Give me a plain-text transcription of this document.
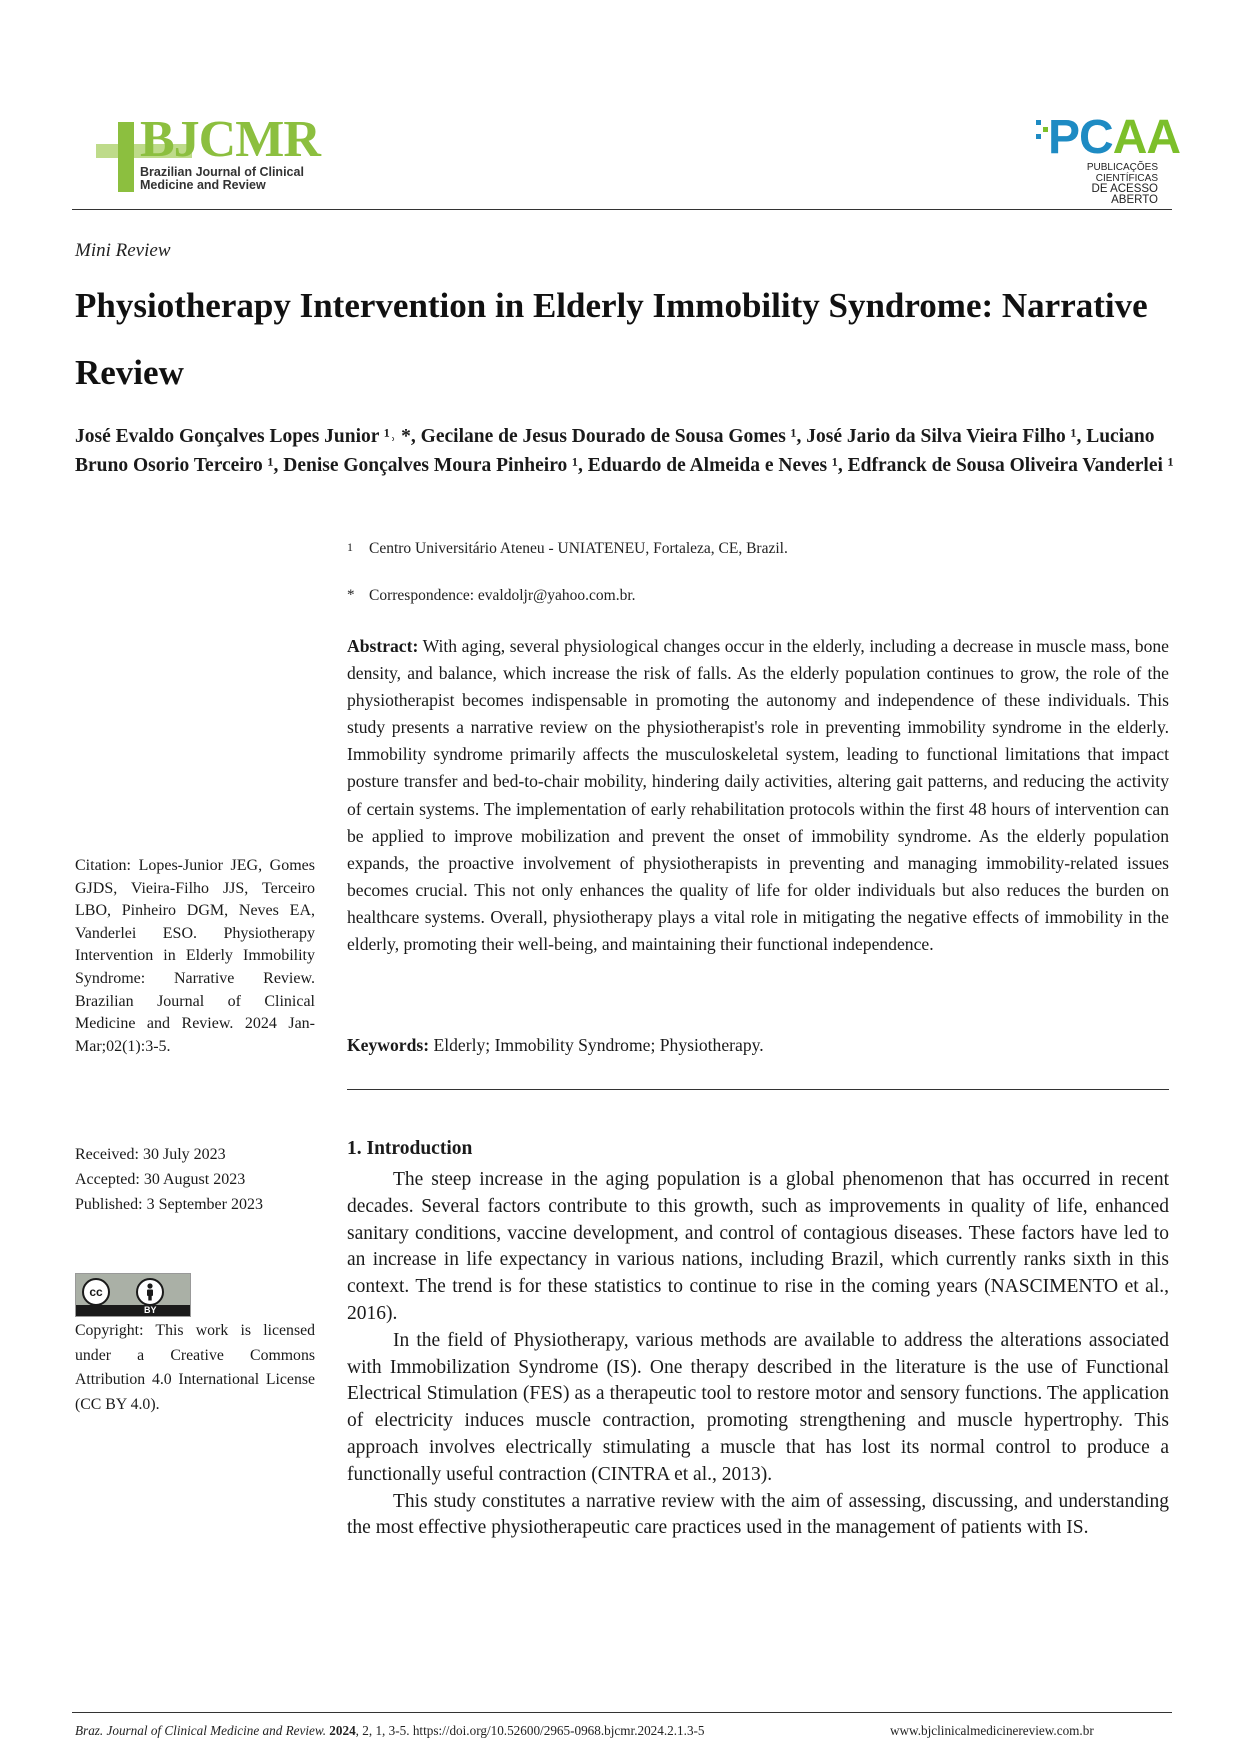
BJCMR
Brazilian Journal of Clinical
Medicine and Review
PCAA
PUBLICAÇÕES CIENTÍFICAS
DE ACESSO ABERTO
Mini Review
Physiotherapy Intervention in Elderly Immobility Syndrome: Narrative Review
José Evaldo Gonçalves Lopes Junior ¹˒ *, Gecilane de Jesus Dourado de Sousa Gomes ¹, José Jario da Silva Vieira Filho ¹, Luciano Bruno Osorio Terceiro ¹, Denise Gonçalves Moura Pinheiro ¹, Eduardo de Almeida e Neves ¹, Edfranck de Sousa Oliveira Vanderlei ¹
1 Centro Universitário Ateneu - UNIATENEU, Fortaleza, CE, Brazil.
* Correspondence: evaldoljr@yahoo.com.br.
Abstract: With aging, several physiological changes occur in the elderly, including a decrease in muscle mass, bone density, and balance, which increase the risk of falls. As the elderly population continues to grow, the role of the physiotherapist becomes indispensable in promoting the autonomy and independence of these individuals. This study presents a narrative review on the physiotherapist's role in preventing immobility syndrome in the elderly. Immobility syndrome primarily affects the musculoskeletal system, leading to functional limitations that impact posture transfer and bed-to-chair mobility, hindering daily activities, altering gait patterns, and reducing the activity of certain systems. The implementation of early rehabilitation protocols within the first 48 hours of intervention can be applied to improve mobilization and prevent the onset of immobility syndrome. As the elderly population expands, the proactive involvement of physiotherapists in preventing and managing immobility-related issues becomes crucial. This not only enhances the quality of life for older individuals but also reduces the burden on healthcare systems. Overall, physiotherapy plays a vital role in mitigating the negative effects of immobility in the elderly, promoting their well-being, and maintaining their functional independence.
Keywords: Elderly; Immobility Syndrome; Physiotherapy.
Citation: Lopes-Junior JEG, Gomes GJDS, Vieira-Filho JJS, Terceiro LBO, Pinheiro DGM, Neves EA, Vanderlei ESO. Physiotherapy Intervention in Elderly Immobility Syndrome: Narrative Review. Brazilian Journal of Clinical Medicine and Review. 2024 Jan-Mar;02(1):3-5.
Received: 30 July 2023
Accepted: 30 August 2023
Published: 3 September 2023
cc
BY
Copyright: This work is licensed under a Creative Commons Attribution 4.0 International License (CC BY 4.0).
1. Introduction

The steep increase in the aging population is a global phenomenon that has occurred in recent decades. Several factors contribute to this growth, such as improvements in quality of life, enhanced sanitary conditions, vaccine development, and control of contagious diseases. These factors have led to an increase in life expectancy in various nations, including Brazil, which currently ranks sixth in this context. The trend is for these statistics to continue to rise in the coming years (NASCIMENTO et al., 2016).

In the field of Physiotherapy, various methods are available to address the alterations associated with Immobilization Syndrome (IS). One therapy described in the literature is the use of Functional Electrical Stimulation (FES) as a therapeutic tool to restore motor and sensory functions. The application of electricity induces muscle contraction, promoting strengthening and muscle hypertrophy. This approach involves electrically stimulating a muscle that has lost its normal control to produce a functionally useful contraction (CINTRA et al., 2013).

This study constitutes a narrative review with the aim of assessing, discussing, and understanding the most effective physiotherapeutic care practices used in the management of patients with IS.

Braz. Journal of Clinical Medicine and Review. 2024, 2, 1, 3-5. https://doi.org/10.52600/2965-0968.bjcmr.2024.2.1.3-5	www.bjclinicalmedicinereview.com.br
